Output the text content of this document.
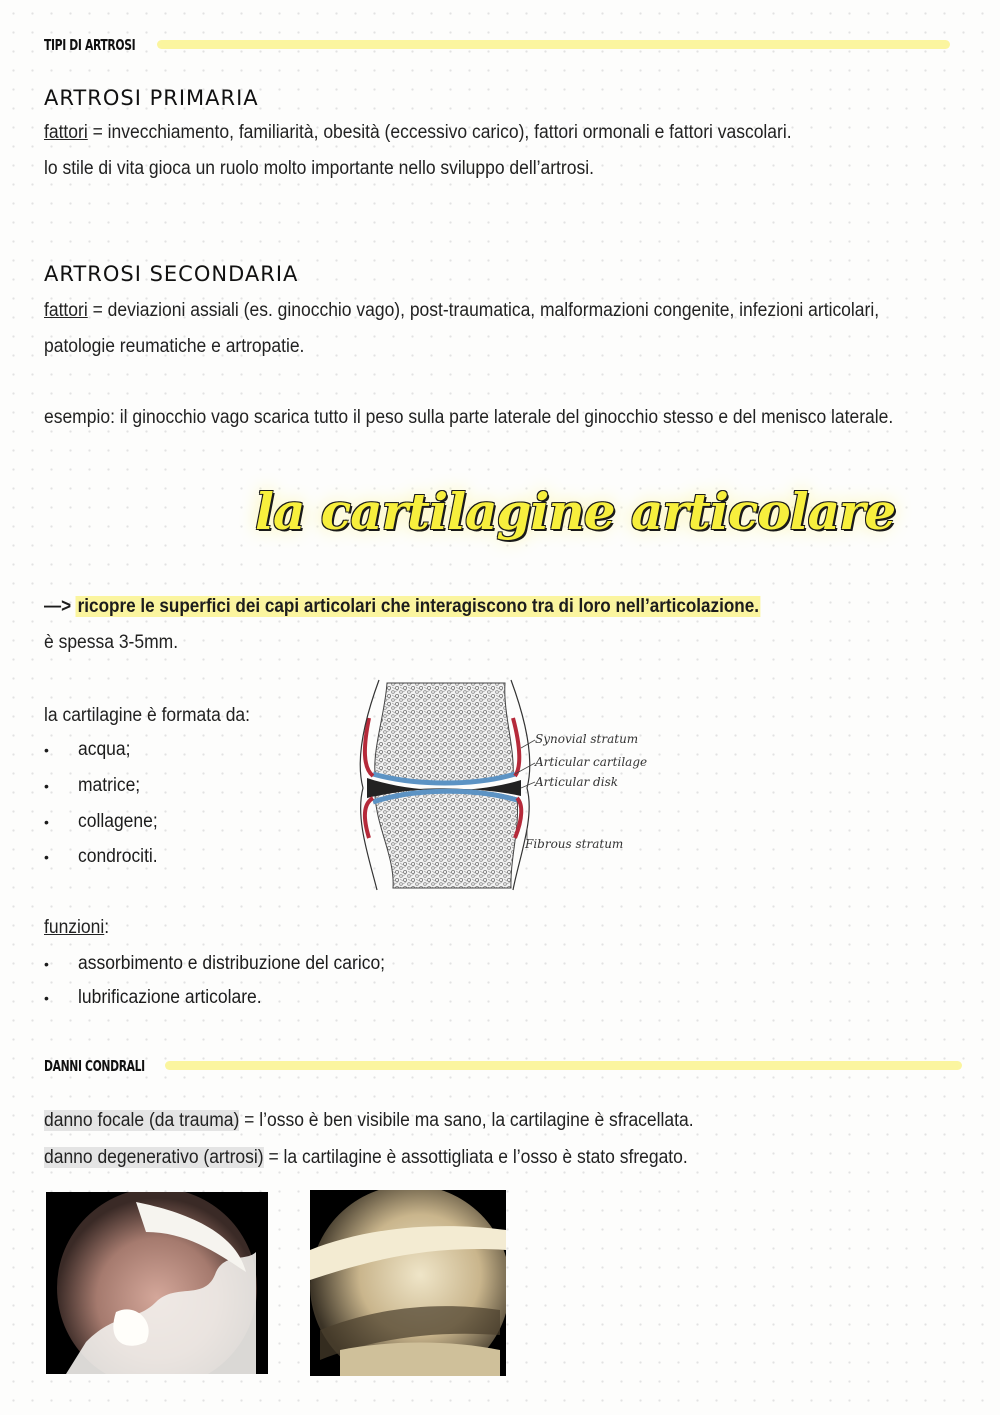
TIPI DI ARTROSI
ARTROSI PRIMARIA
fattori = invecchiamento, familiarità, obesità (eccessivo carico), fattori ormonali e fattori vascolari.
lo stile di vita gioca un ruolo molto importante nello sviluppo dell’artrosi.
ARTROSI SECONDARIA
fattori = deviazioni assiali (es. ginocchio vago), post-traumatica, malformazioni congenite, infezioni articolari,
patologie reumatiche e artropatie.
esempio: il ginocchio vago scarica tutto il peso sulla parte laterale del ginocchio stesso e del menisco laterale.
la cartilagine articolare
—> ricopre le superfici dei capi articolari che interagiscono tra di loro nell’articolazione.
è spessa 3-5mm.
la cartilagine è formata da:
• acqua;
• matrice;
• collagene;
• condrociti.
Synovial stratum
Articular cartilage
Articular disk
Fibrous stratum
funzioni:
• assorbimento e distribuzione del carico;
• lubrificazione articolare.
DANNI CONDRALI
danno focale (da trauma) = l’osso è ben visibile ma sano, la cartilagine è sfracellata.
danno degenerativo (artrosi) = la cartilagine è assottigliata e l’osso è stato sfregato.
